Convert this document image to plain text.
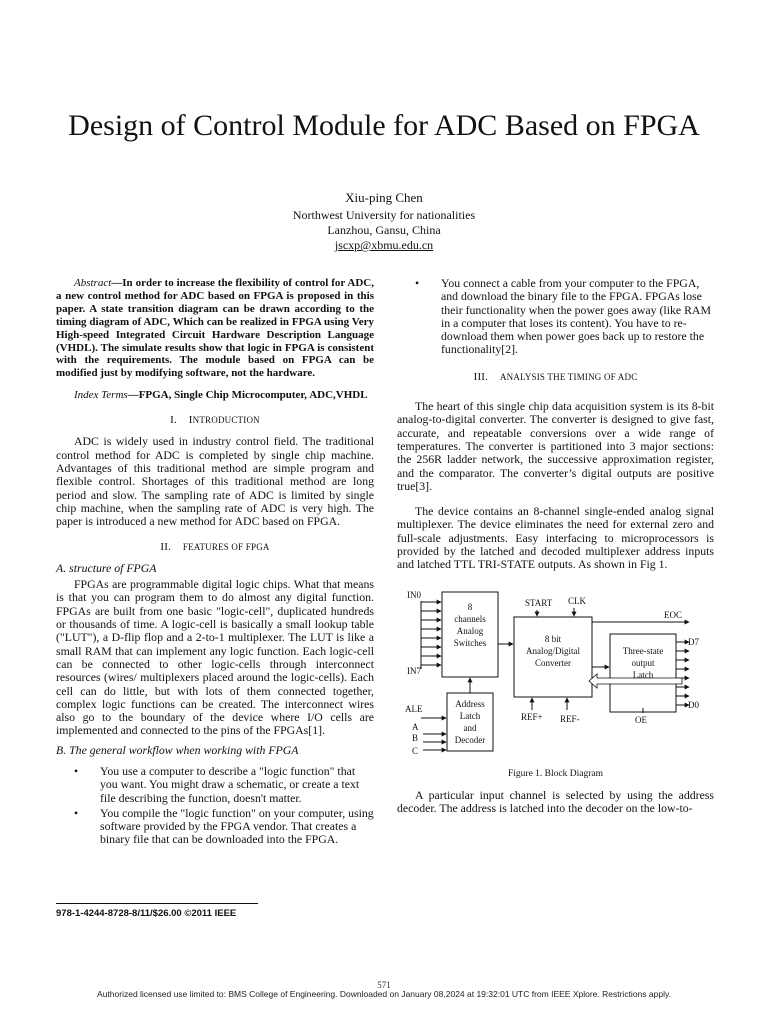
Design of Control Module for ADC Based on FPGA
Xiu-ping Chen
Northwest University for nationalities
Lanzhou, Gansu, China
jscxp@xbmu.edu.cn

Abstract—In order to increase the flexibility of control for ADC, a new control method for ADC based on FPGA is proposed in this paper. A state transition diagram can be drawn according to the timing diagram of ADC, Which can be realized in FPGA using Very High-speed Integrated Circuit Hardware Description Language (VHDL). The simulate results show that logic in FPGA is consistent with the requirements. The module based on FPGA can be modified just by modifying software, not the hardware.

Index Terms—FPGA, Single Chip Microcomputer, ADC,VHDL

I. INTRODUCTION

ADC is widely used in industry control field. The traditional control method for ADC is completed by single chip machine. Advantages of this traditional method are simple program and flexible control. Shortages of this traditional method are long period and slow. The sampling rate of ADC is limited by single chip machine, when the sampling rate of ADC is very high. The paper is introduced a new method for ADC based on FPGA.

II. FEATURES OF FPGA
A. structure of FPGA

FPGAs are programmable digital logic chips. What that means is that you can program them to do almost any digital function. FPGAs are built from one basic "logic-cell", duplicated hundreds or thousands of time. A logic-cell is basically a small lookup table ("LUT"), a D-flip flop and a 2-to-1 multiplexer. The LUT is like a small RAM that can implement any logic function. Each logic-cell can be connected to other logic-cells through interconnect resources (wires/ multiplexers placed around the logic-cells). Each cell can do little, but with lots of them connected together, complex logic functions can be created. The interconnect wires also go to the boundary of the device where I/O cells are implemented and connected to the pins of the FPGAs[1].

B. The general workflow when working with FPGA
• You use a computer to describe a "logic function" that you want. You might draw a schematic, or create a text file describing the function, doesn't matter.
• You compile the "logic function" on your computer, using software provided by the FPGA vendor. That creates a binary file that can be downloaded into the FPGA.
• You connect a cable from your computer to the FPGA, and download the binary file to the FPGA. FPGAs lose their functionality when the power goes away (like RAM in a computer that loses its content). You have to re-download them when power goes back up to restore the functionality[2].
III. ANALYSIS THE TIMING OF ADC

The heart of this single chip data acquisition system is its 8-bit analog-to-digital converter. The converter is designed to give fast, accurate, and repeatable conversions over a wide range of temperatures. The converter is partitioned into 3 major sections: the 256R ladder network, the successive approximation register, and the comparator. The converter’s digital outputs are positive true[3].

The device contains an 8-channel single-ended analog signal multiplexer. The device eliminates the need for external zero and full-scale adjustments. Easy interfacing to microprocessors is provided by the latched and decoded multiplexer address inputs and latched TTL TRI-STATE outputs. As shown in Fig 1.

8
channels
Analog
Switches
IN0
IN7
8 bit
Analog/Digital
Converter
START CLK
EOC
Three-state
output
Latch
D7
D0
Address
Latch
and
Decoder
ALE
A
B
C
REF+ REF-	OE
Figure 1. Block Diagram

A particular input channel is selected by using the address decoder. The address is latched into the decoder on the low-to-

978-1-4244-8728-8/11/$26.00 ©2011 IEEE
571
Authorized licensed use limited to: BMS College of Engineering. Downloaded on January 08,2024 at 19:32:01 UTC from IEEE Xplore. Restrictions apply.
